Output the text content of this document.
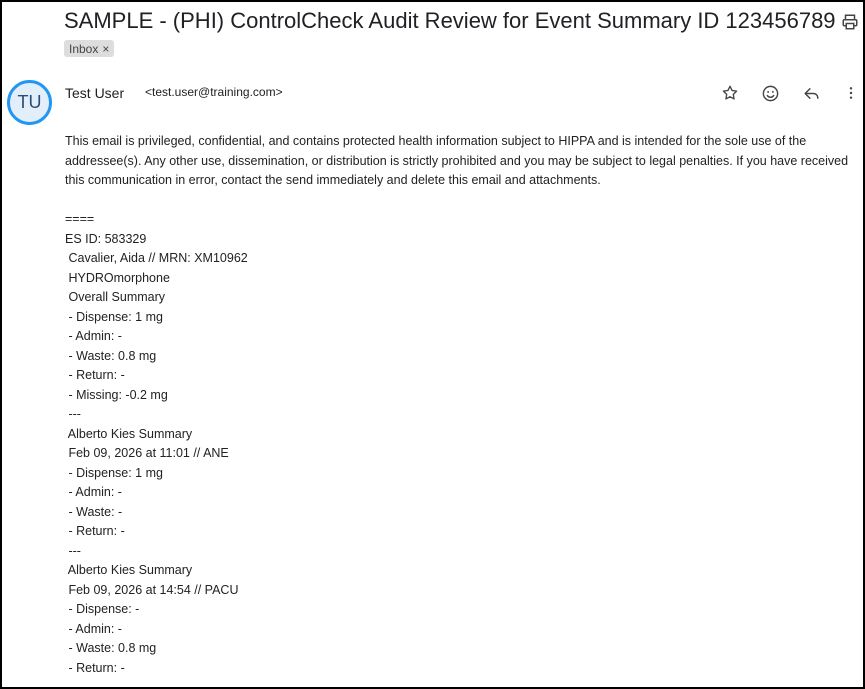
SAMPLE - (PHI) ControlCheck Audit Review for Event Summary ID 123456789
Inbox ×
TU Test User <test.user@training.com>

This email is privileged, confidential, and contains protected health information subject to HIPPA and is intended for the sole use of the addressee(s). Any other use, dissemination, or distribution is strictly prohibited and you may be subject to legal penalties. If you have received this communication in error, contact the send immediately and delete this email and attachments.

====
ES ID: 583329
Cavalier, Aida // MRN: XM10962
HYDROmorphone
Overall Summary
- Dispense: 1 mg
- Admin: -
- Waste: 0.8 mg
- Return: -
- Missing: -0.2 mg
---
Alberto Kies Summary
Feb 09, 2026 at 11:01 // ANE
- Dispense: 1 mg
- Admin: -
- Waste: -
- Return: -
---
Alberto Kies Summary
Feb 09, 2026 at 14:54 // PACU
- Dispense: -
- Admin: -
- Waste: 0.8 mg
- Return: -
